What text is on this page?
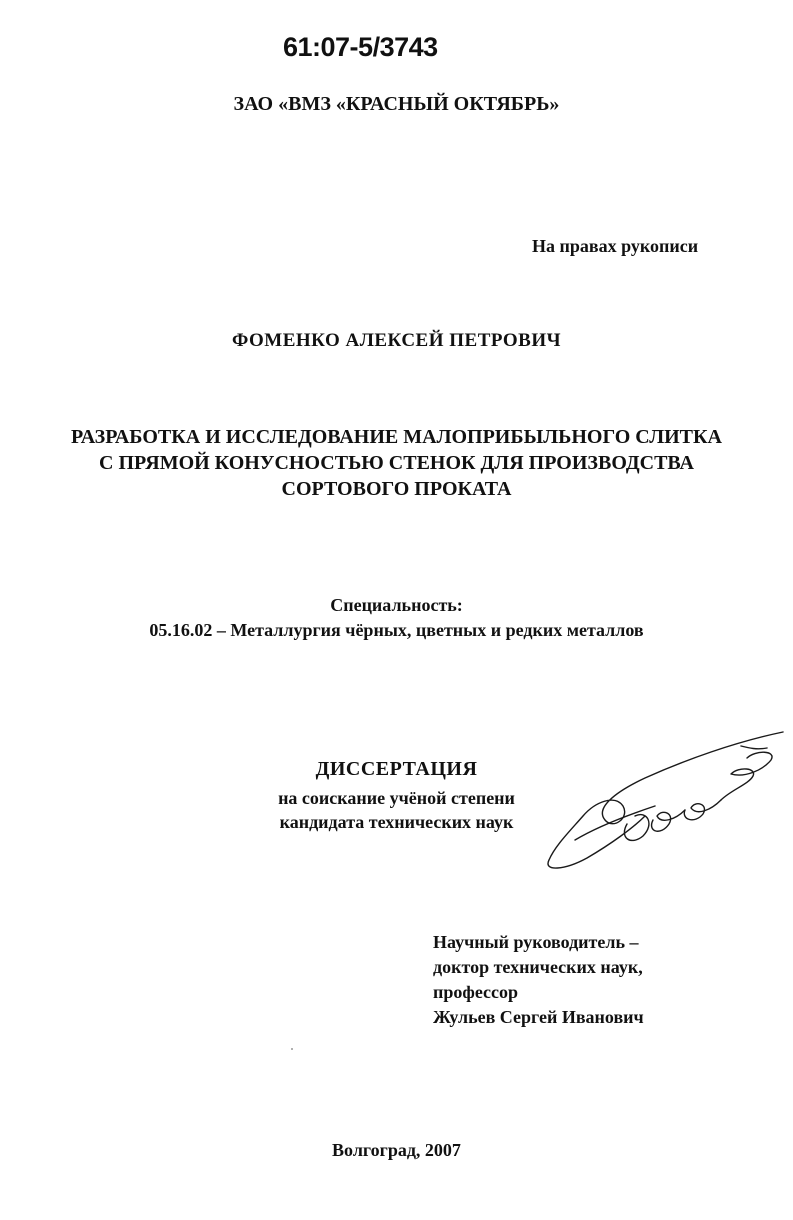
61:07-5/3743
ЗАО «ВМЗ «КРАСНЫЙ ОКТЯБРЬ»
На правах рукописи
ФОМЕНКО АЛЕКСЕЙ ПЕТРОВИЧ
РАЗРАБОТКА И ИССЛЕДОВАНИЕ МАЛОПРИБЫЛЬНОГО СЛИТКА
С ПРЯМОЙ КОНУСНОСТЬЮ СТЕНОК ДЛЯ ПРОИЗВОДСТВА
СОРТОВОГО ПРОКАТА
Специальность:
05.16.02 – Металлургия чёрных, цветных и редких металлов
ДИССЕРТАЦИЯ
на соискание учёной степени
кандидата технических наук
Научный руководитель –
доктор технических наук,
профессор
Жульев Сергей Иванович
Волгоград, 2007
